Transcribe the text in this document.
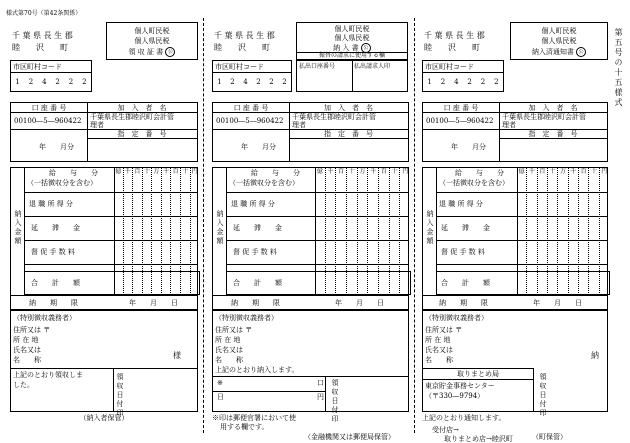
様式第70号（第42条関係）
第五号の十五様式
千 葉 県 長 生 郡
睦　　沢　　町
個人町民税
個人県民税
領 収 証 書 公
市区町村コード
1	2	4	2	2	2
口 座 番 号	加　入　者　名
00100―5―960422 千葉県長生郡睦沢町会計管
理者
指　定　番　号
年　　月分
納入金額
億 千 百 十 万 千 百 十 円
給　　与　　分
（一括徴収分を含む）
退 職 所 得 分
延　　滞　　金
督 促 手 数 料
合　　計　　額
納　　期　　限	年　　月　　日
（特別徴収義務者）
住所又は 〒
所 在 地
氏名又は
名　　称	様
上記のとおり領収しま
した。	領収日付印
（納入者保管）
千 葉 県 長 生 郡
睦　　沢　　町
個人町民税
個人県民税
納 入 書 公
振替の請求に使用する欄
払出口座番号	払出請求人印
市区町村コード
1	2	4	2	2	2
口 座 番 号	加　入　者　名
00100―5―960422 千葉県長生郡睦沢町会計管
理者
指　定　番　号
年　　月分
納入金額
億 千 百 十 万 千 百 十 円
給　　与　　分
（一括徴収分を含む）
退 職 所 得 分
延　　滞　　金
督 促 手 数 料
合　　計　　額
納　　期　　限	年　　月　　日
（特別徴収義務者）
住所又は 〒
所 在 地
氏名又は
名　　称
上記のとおり納入します。
※	口
日	円 領収日付印
※印は郵便官署において使
用する欄です。
（金融機関又は郵便局保管）
千 葉 県 長 生 郡
睦　　沢　　町
個人町民税
個人県民税
納入済通知書 公
市区町村コード
1	2	4	2	2	2
口 座 番 号	加　入　者　名
00100―5―960422 千葉県長生郡睦沢町会計管
理者
指　定　番　号
年　　月分
納入金額
億 千 百 十 万 千 百 十 円
給　　与　　分
（一括徴収分を含む）
退 職 所 得 分
延　　滞　　金
督 促 手 数 料
合　　計　　額
納　　期　　限	年　　月　　日
（特別徴収義務者）
住所又は 〒
所 在 地
氏名又は
名　　称	納
取りまとめ局
東京貯金事務センター
（〒330―9794）	領収日付印
上記のとおり通知します。
受付店→
取りまとめ店→睦沢町	（町保管）
